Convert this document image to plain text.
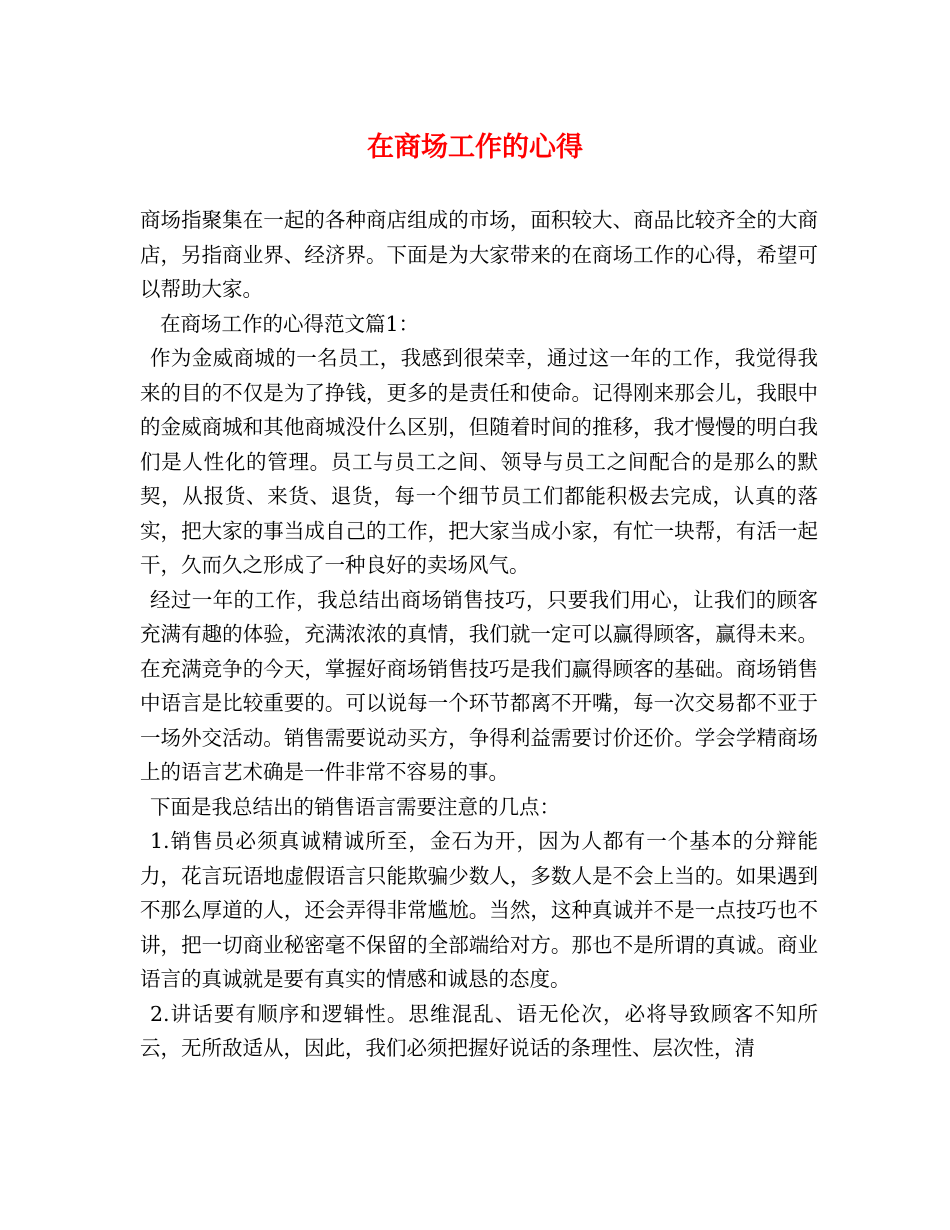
在商场工作的心得

商场指聚集在一起的各种商店组成的市场，面积较大、商品比较齐全的大商店，另指商业界、经济界。下面是为大家带来的在商场工作的心得，希望可以帮助大家。

在商场工作的心得范文篇1：

作为金威商城的一名员工，我感到很荣幸，通过这一年的工作，我觉得我来的目的不仅是为了挣钱，更多的是责任和使命。记得刚来那会儿，我眼中的金威商城和其他商城没什么区别，但随着时间的推移，我才慢慢的明白我们是人性化的管理。员工与员工之间、领导与员工之间配合的是那么的默契，从报货、来货、退货，每一个细节员工们都能积极去完成，认真的落实，把大家的事当成自己的工作，把大家当成小家，有忙一块帮，有活一起干，久而久之形成了一种良好的卖场风气。

经过一年的工作，我总结出商场销售技巧，只要我们用心，让我们的顾客充满有趣的体验，充满浓浓的真情，我们就一定可以赢得顾客，赢得未来。在充满竞争的今天，掌握好商场销售技巧是我们赢得顾客的基础。商场销售中语言是比较重要的。可以说每一个环节都离不开嘴，每一次交易都不亚于一场外交活动。销售需要说动买方，争得利益需要讨价还价。学会学精商场上的语言艺术确是一件非常不容易的事。

下面是我总结出的销售语言需要注意的几点：

1.销售员必须真诚精诚所至，金石为开，因为人都有一个基本的分辩能力，花言玩语地虚假语言只能欺骗少数人，多数人是不会上当的。如果遇到不那么厚道的人，还会弄得非常尴尬。当然，这种真诚并不是一点技巧也不讲，把一切商业秘密毫不保留的全部端给对方。那也不是所谓的真诚。商业语言的真诚就是要有真实的情感和诚恳的态度。

2.讲话要有顺序和逻辑性。思维混乱、语无伦次，必将导致顾客不知所云，无所敌适从，因此，我们必须把握好说话的条理性、层次性，清
